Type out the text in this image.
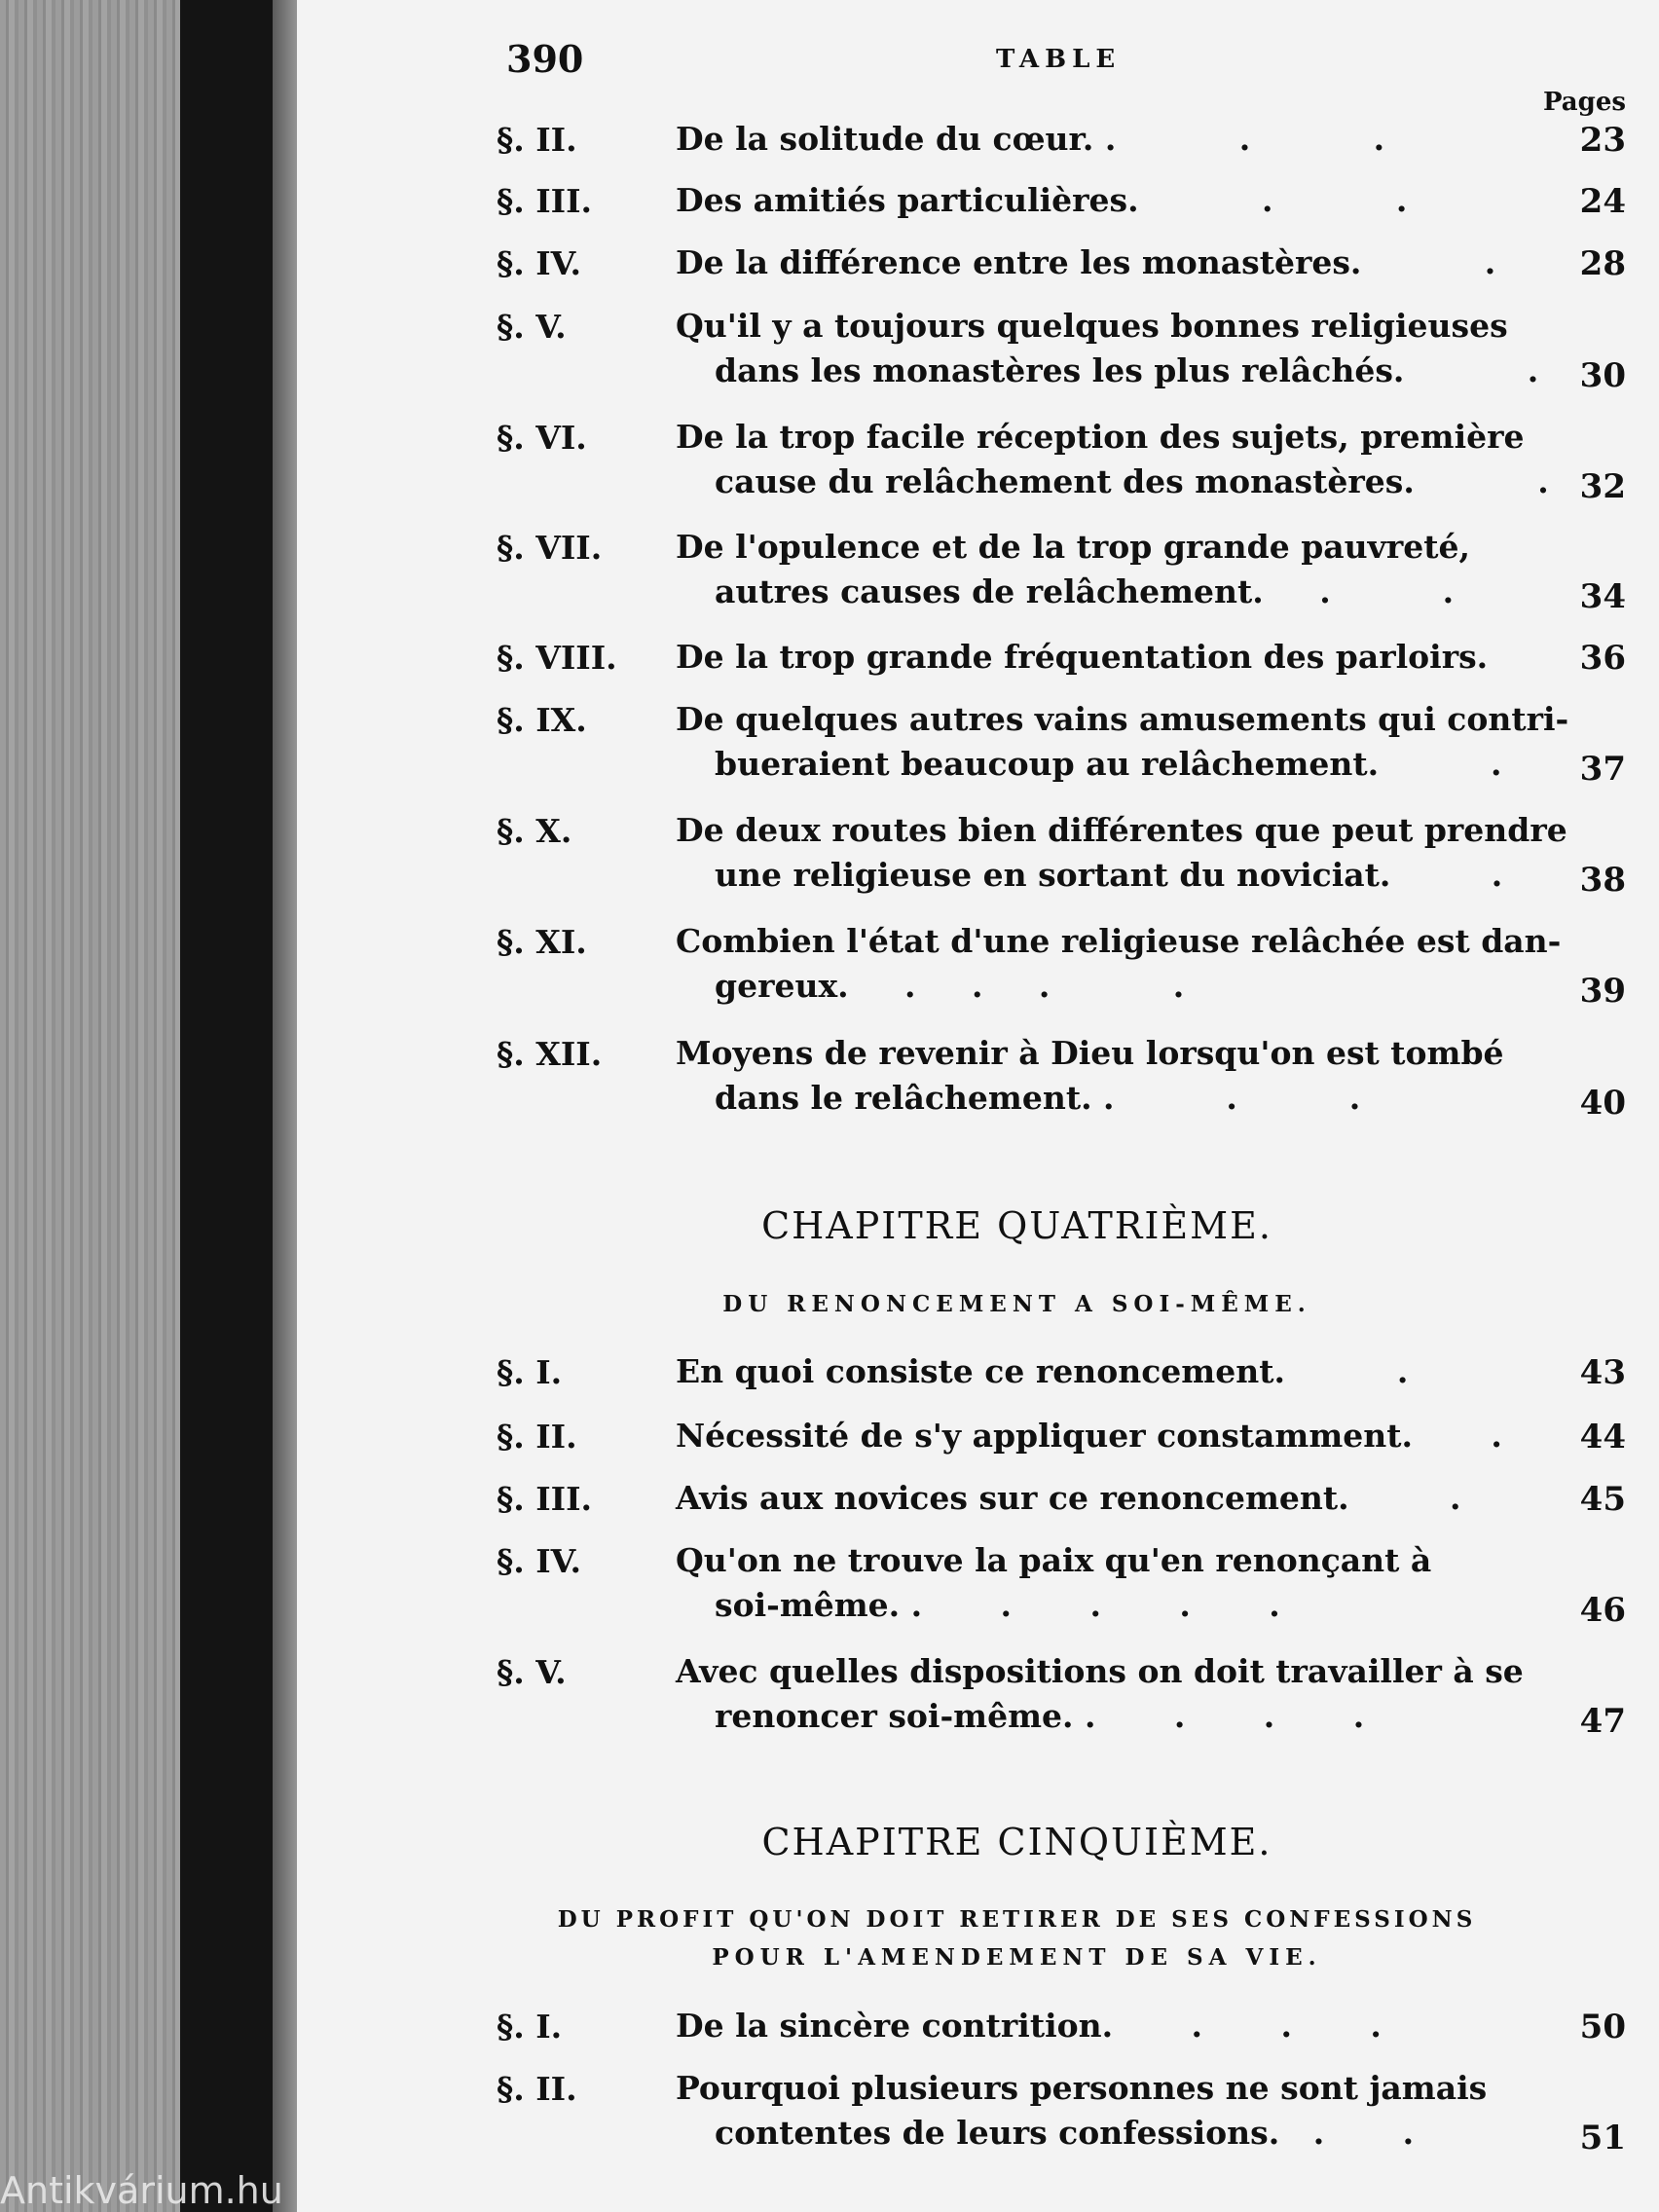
390	TABLE
Pages
§. II.	De la solitude du cœur. .           .           .	23
§. III.	Des amitiés particulières.           .           .	24
§. IV.	De la différence entre les monastères.           .	28
§. V.	Qu'il y a toujours quelques bonnes religieuses
dans les monastères les plus relâchés.           .	30
§. VI.	De la trop facile réception des sujets, première
cause du relâchement des monastères.           . 32
§. VII. De l'opulence et de la trop grande pauvreté,
autres causes de relâchement.     .          .	34
§. VIII. De la trop grande fréquentation des parloirs.	36
§. IX.	De quelques autres vains amusements qui contri-
bueraient beaucoup au relâchement.          .	37
§. X.	De deux routes bien différentes que peut prendre
une religieuse en sortant du noviciat.         .	38
§. XI.	Combien l'état d'une religieuse relâchée est dan-
gereux.     .     .     .           .	39
§. XII. Moyens de revenir à Dieu lorsqu'on est tombé
dans le relâchement. .          .          .	40
CHAPITRE QUATRIÈME.
DU RENONCEMENT A SOI-MÊME.
§. I.	En quoi consiste ce renoncement.          .	43
§. II.	Nécessité de s'y appliquer constamment.       .	44
§. III.	Avis aux novices sur ce renoncement.         .	45
§. IV.	Qu'on ne trouve la paix qu'en renonçant à
soi-même. .       .       .       .       .	46
§. V.	Avec quelles dispositions on doit travailler à se
renoncer soi-même. .       .       .       .	47
CHAPITRE CINQUIÈME.
DU PROFIT QU'ON DOIT RETIRER DE SES CONFESSIONS
POUR L'AMENDEMENT DE SA VIE.
§. I.	De la sincère contrition.       .       .       .	50
§. II.	Pourquoi plusieurs personnes ne sont jamais
contentes de leurs confessions.   .       .	51
Antikvárium.hu
